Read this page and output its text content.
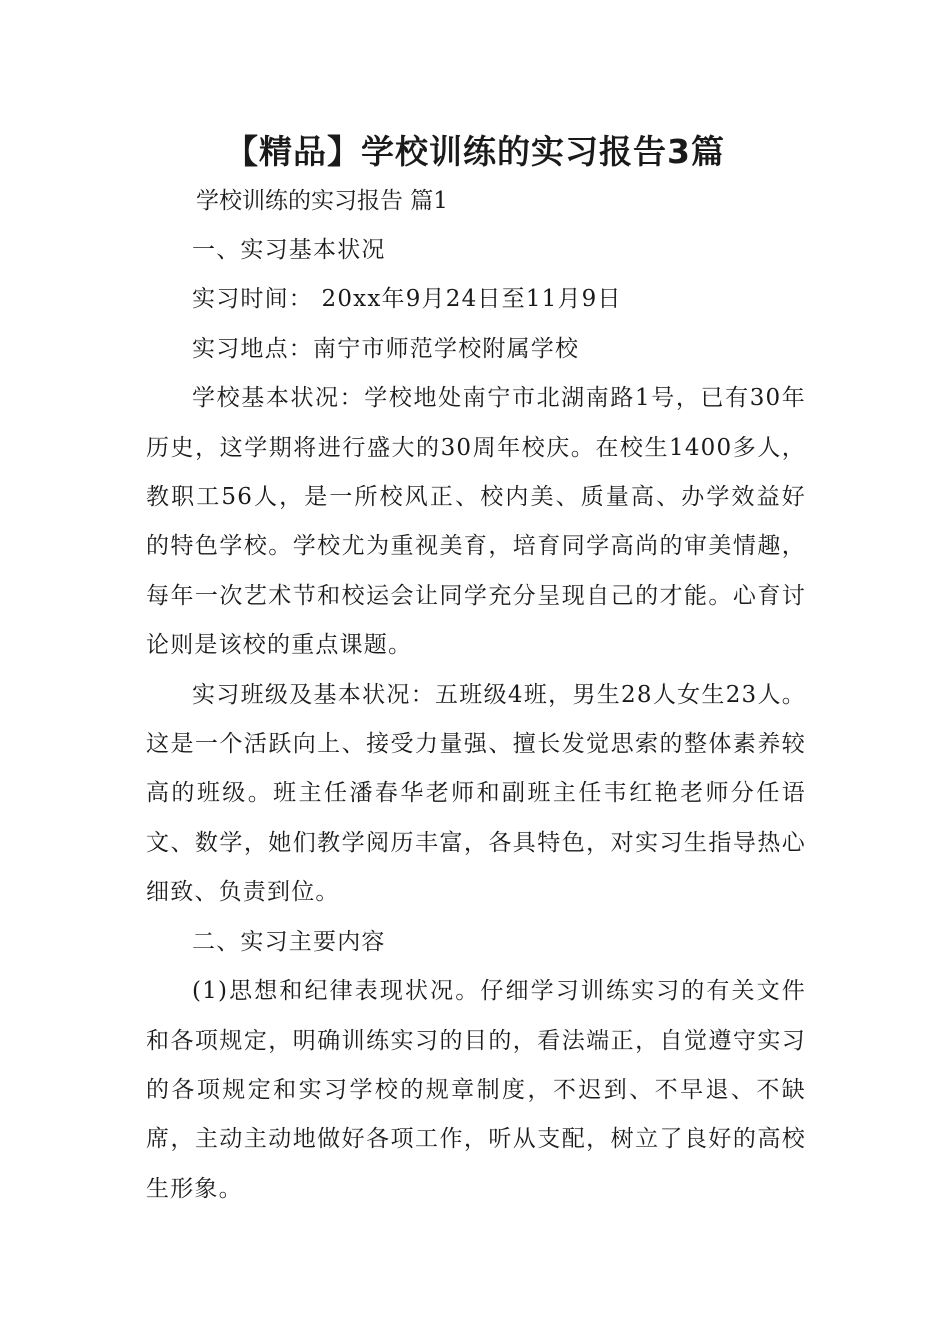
【精品】学校训练的实习报告3篇

学校训练的实习报告 篇1

一、实习基本状况

实习时间： 20xx年9月24日至11月9日

实习地点：南宁市师范学校附属学校

学校基本状况：学校地处南宁市北湖南路1号，已有30年历史，这学期将进行盛大的30周年校庆。在校生1400多人，教职工56人，是一所校风正、校内美、质量高、办学效益好的特色学校。学校尤为重视美育，培育同学高尚的审美情趣，每年一次艺术节和校运会让同学充分呈现自己的才能。心育讨论则是该校的重点课题。

实习班级及基本状况：五班级4班，男生28人女生23人。这是一个活跃向上、接受力量强、擅长发觉思索的整体素养较高的班级。班主任潘春华老师和副班主任韦红艳老师分任语文、数学，她们教学阅历丰富，各具特色，对实习生指导热心细致、负责到位。

二、实习主要内容

(1)思想和纪律表现状况。仔细学习训练实习的有关文件和各项规定，明确训练实习的目的，看法端正，自觉遵守实习的各项规定和实习学校的规章制度，不迟到、不早退、不缺席，主动主动地做好各项工作，听从支配，树立了良好的高校生形象。
